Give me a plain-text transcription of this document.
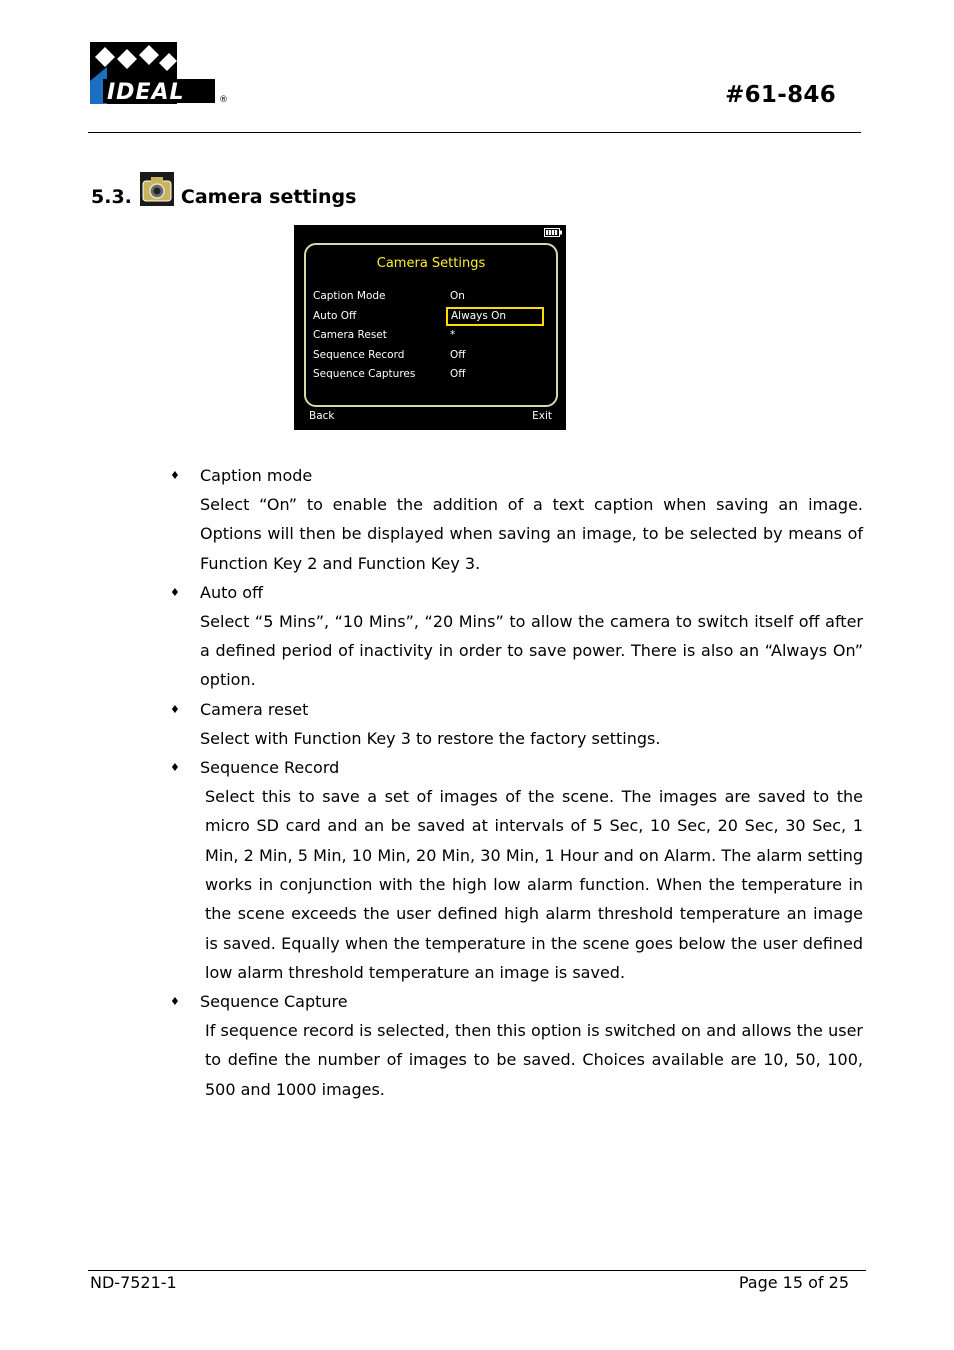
IDEAL	®	#61-846
5.3.	Camera settings
Camera Settings
Caption Mode	On
Auto Off	Always On
Camera Reset	*
Sequence Record	Off
Sequence Captures	Off
Back	Exit
♦ Caption mode
Select “On” to enable the addition of a text caption when saving an image. Options will then be displayed when saving an image, to be selected by means of Function Key 2 and Function Key 3.
♦ Auto off
Select “5 Mins”, “10 Mins”, “20 Mins” to allow the camera to switch itself off after a defined period of inactivity in order to save power. There is also an “Always On” option.
♦ Camera reset
Select with Function Key 3 to restore the factory settings.
♦ Sequence Record
Select this to save a set of images of the scene. The images are saved to the micro SD card and an be saved at intervals of 5 Sec, 10 Sec, 20 Sec, 30 Sec, 1 Min, 2 Min, 5 Min, 10 Min, 20 Min, 30 Min, 1 Hour and on Alarm. The alarm setting works in conjunction with the high low alarm function. When the temperature in the scene exceeds the user defined high alarm threshold temperature an image is saved. Equally when the temperature in the scene goes below the user defined low alarm threshold temperature an image is saved.
♦ Sequence Capture
If sequence record is selected, then this option is switched on and allows the user to define the number of images to be saved. Choices available are 10, 50, 100, 500 and 1000 images.
ND-7521-1	Page 15 of 25
